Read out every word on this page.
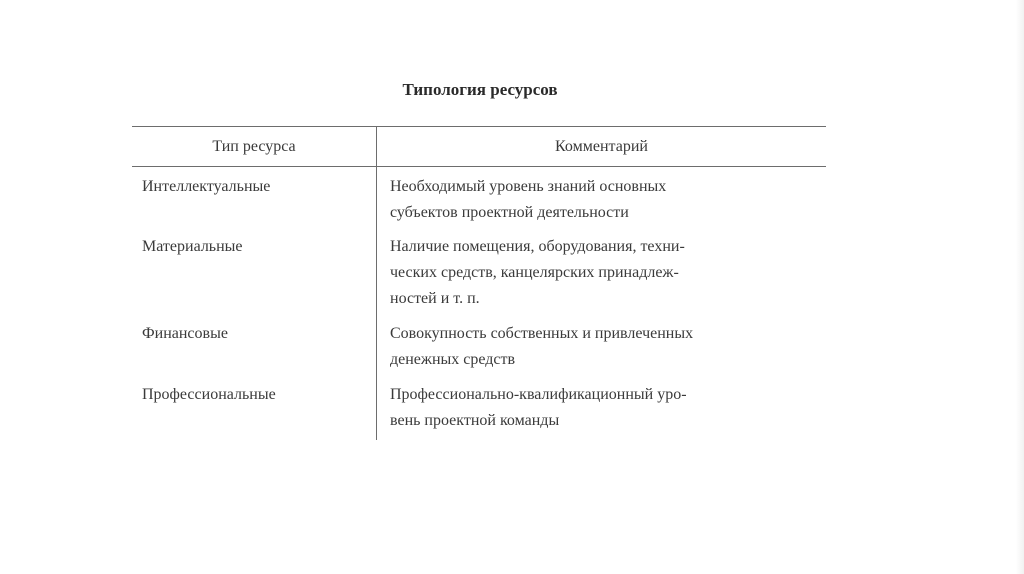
Типология ресурсов
Тип ресурса	Комментарий
Интеллектуальные	Необходимый уровень знаний основных
субъектов проектной деятельности
Материальные	Наличие помещения, оборудования, техни-
ческих средств, канцелярских принадлеж-
ностей и т. п.
Финансовые	Совокупность собственных и привлеченных
денежных средств
Профессиональные	Профессионально-квалификационный уро-
вень проектной команды
